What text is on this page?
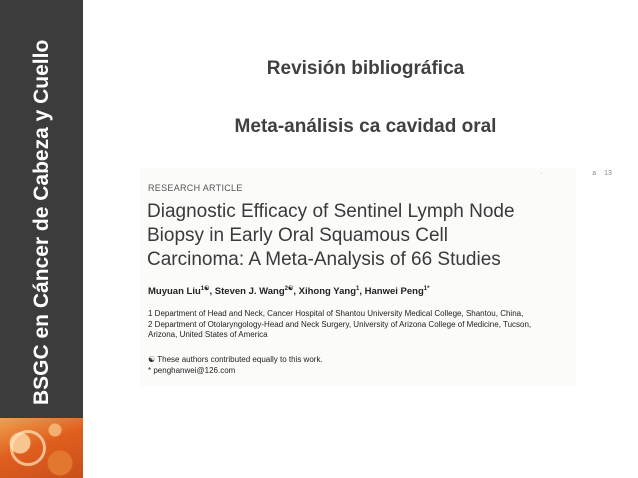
BSGC en Cáncer de Cabeza y Cuello	Revisión bibliográfica
Meta-análisis ca cavidad oral
·	a 13
RESEARCH ARTICLE
Diagnostic Efficacy of Sentinel Lymph Node
Biopsy in Early Oral Squamous Cell
Carcinoma: A Meta-Analysis of 66 Studies
Muyuan Liu$^{1☯}$, Steven J. Wang$^{2☯}$, Xihong Yang$^1$, Hanwei Peng$^{1*}$
1 Department of Head and Neck, Cancer Hospital of Shantou University Medical College, Shantou, China,
2 Department of Otolaryngology-Head and Neck Surgery, University of Arizona College of Medicine, Tucson,
Arizona, United States of America
☯ These authors contributed equally to this work.
* penghanwei@126.com
